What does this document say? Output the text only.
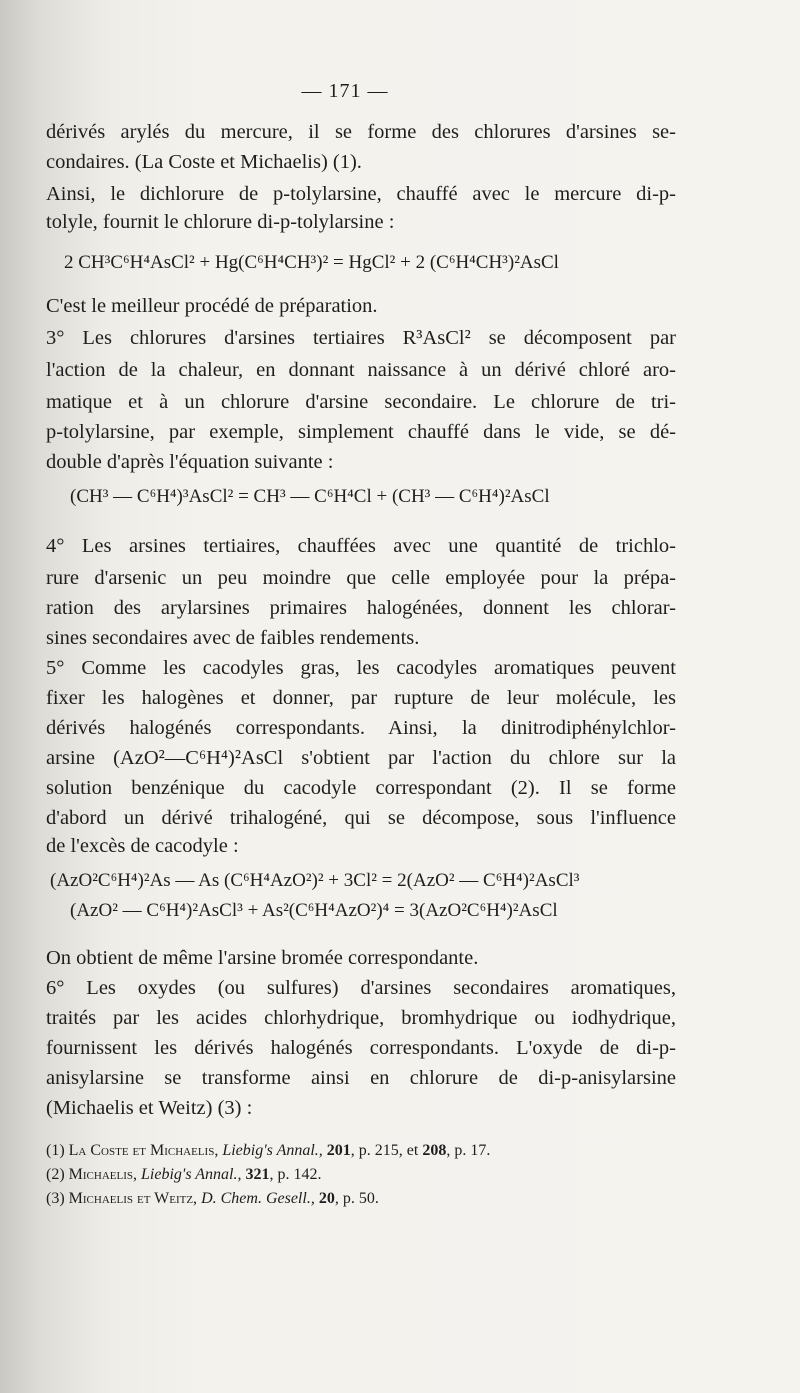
— 171 —
dérivés arylés du mercure, il se forme des chlorures d'arsines se-
condaires. (La Coste et Michaelis) (1).
Ainsi, le dichlorure de p-tolylarsine, chauffé avec le mercure di-p-
tolyle, fournit le chlorure di-p-tolylarsine :
2 CH³C⁶H⁴AsCl² + Hg(C⁶H⁴CH³)² = HgCl² + 2 (C⁶H⁴CH³)²AsCl
C'est le meilleur procédé de préparation.
3° Les chlorures d'arsines tertiaires R³AsCl² se décomposent par
l'action de la chaleur, en donnant naissance à un dérivé chloré aro-
matique et à un chlorure d'arsine secondaire. Le chlorure de tri-
p-tolylarsine, par exemple, simplement chauffé dans le vide, se dé-
double d'après l'équation suivante :
(CH³ — C⁶H⁴)³AsCl² = CH³ — C⁶H⁴Cl + (CH³ — C⁶H⁴)²AsCl
4° Les arsines tertiaires, chauffées avec une quantité de trichlo-
rure d'arsenic un peu moindre que celle employée pour la prépa-
ration des arylarsines primaires halogénées, donnent les chlorar-
sines secondaires avec de faibles rendements.
5° Comme les cacodyles gras, les cacodyles aromatiques peuvent
fixer les halogènes et donner, par rupture de leur molécule, les
dérivés halogénés correspondants. Ainsi, la dinitrodiphénylchlor-
arsine (AzO²—C⁶H⁴)²AsCl s'obtient par l'action du chlore sur la
solution benzénique du cacodyle correspondant (2). Il se forme
d'abord un dérivé trihalogéné, qui se décompose, sous l'influence
de l'excès de cacodyle :
(AzO²C⁶H⁴)²As — As (C⁶H⁴AzO²)² + 3Cl² = 2(AzO² — C⁶H⁴)²AsCl³
(AzO² — C⁶H⁴)²AsCl³ + As²(C⁶H⁴AzO²)⁴ = 3(AzO²C⁶H⁴)²AsCl
On obtient de même l'arsine bromée correspondante.
6° Les oxydes (ou sulfures) d'arsines secondaires aromatiques,
traités par les acides chlorhydrique, bromhydrique ou iodhydrique,
fournissent les dérivés halogénés correspondants. L'oxyde de di-p-
anisylarsine se transforme ainsi en chlorure de di-p-anisylarsine
(Michaelis et Weitz) (3) :
(1) La Coste et Michaelis, Liebig's Annal., 201, p. 215, et 208, p. 17.
(2) Michaelis, Liebig's Annal., 321, p. 142.
(3) Michaelis et Weitz, D. Chem. Gesell., 20, p. 50.
